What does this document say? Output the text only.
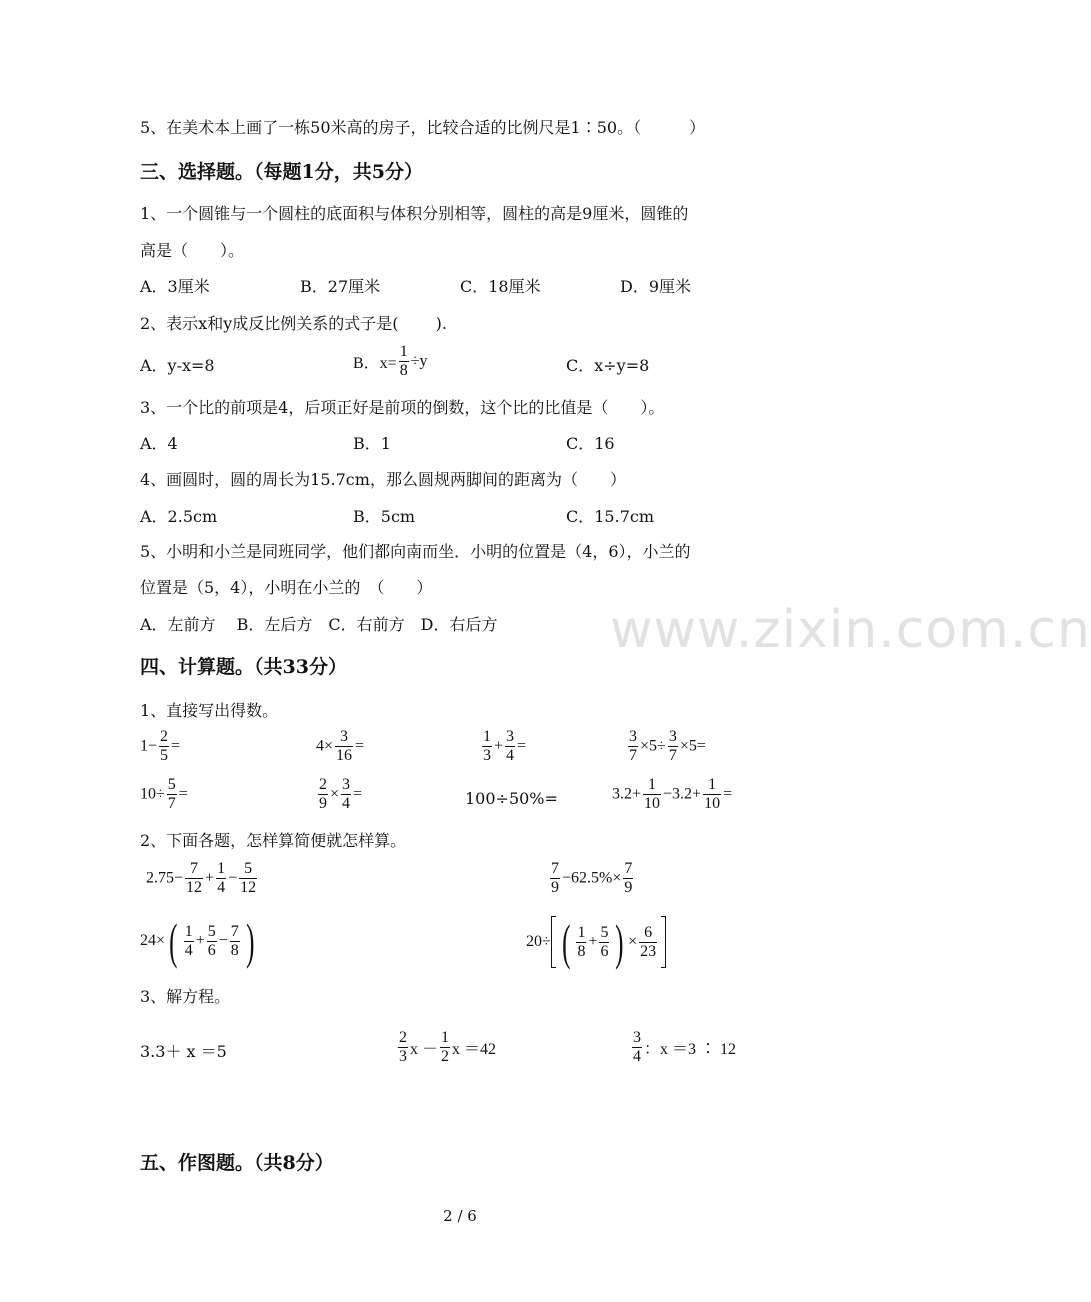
5、在美术本上画了一栋50米高的房子，比较合适的比例尺是1∶50。（　　　）
三、选择题。（每题1分，共5分）
1、一个圆锥与一个圆柱的底面积与体积分别相等，圆柱的高是9厘米，圆锥的
高是（　　）。
A．3厘米	B．27厘米	C．18厘米	D．9厘米
2、表示x和y成反比例关系的式子是(　　 ).
A．y-x=8	B．$x= \frac{1}{8} \div y$	C．x÷y=8
3、一个比的前项是4，后项正好是前项的倒数，这个比的比值是（　　）。
A．4	B．1	C．16
4、画圆时，圆的周长为15.7cm，那么圆规两脚间的距离为（　　）
A．2.5cm	B．5cm	C．15.7cm
5、小明和小兰是同班同学，他们都向南而坐．小明的位置是（4，6），小兰的
位置是（5，4），小明在小兰的　（　　）
A．左前方　 B．左后方　C．右前方　D．右后方 www.zixin.com.cn
四、计算题。（共33分）
1、直接写出得数。
$1- \frac{2}{5}$ =	$4\times \frac{3}{16}$ =	$\frac{1}{3} + \frac{3}{4}$ =	$\frac{3}{7} \times 5\div \frac{3}{7} \times 5=$
$10\div \frac{5}{7}$ =	$\frac{2}{9} \times \frac{3}{4}$ =	100÷50%=	$3.2+ \frac{1}{10} -3.2+ \frac{1}{10}$ =
2、下面各题，怎样算简便就怎样算。
$2.75- \frac{7}{12} + \frac{1}{4} - \frac{5}{12}$	$\frac{7}{9} -62.5\%\times \frac{7}{9}$
$24\times( \frac{1}{4} + \frac{5}{6} - \frac{7}{8}$ )	20÷ ( $\frac{1}{8} + \frac{5}{6}$ ) × $\frac{6}{23}$
3、解方程。
3.3＋ x ＝5	$\frac{2}{3}$ $x - \frac{1}{2}$ x ＝42	$\frac{3}{4}$ ：x ＝3 ∶ 12
五、作图题。（共8分）
2 / 6
